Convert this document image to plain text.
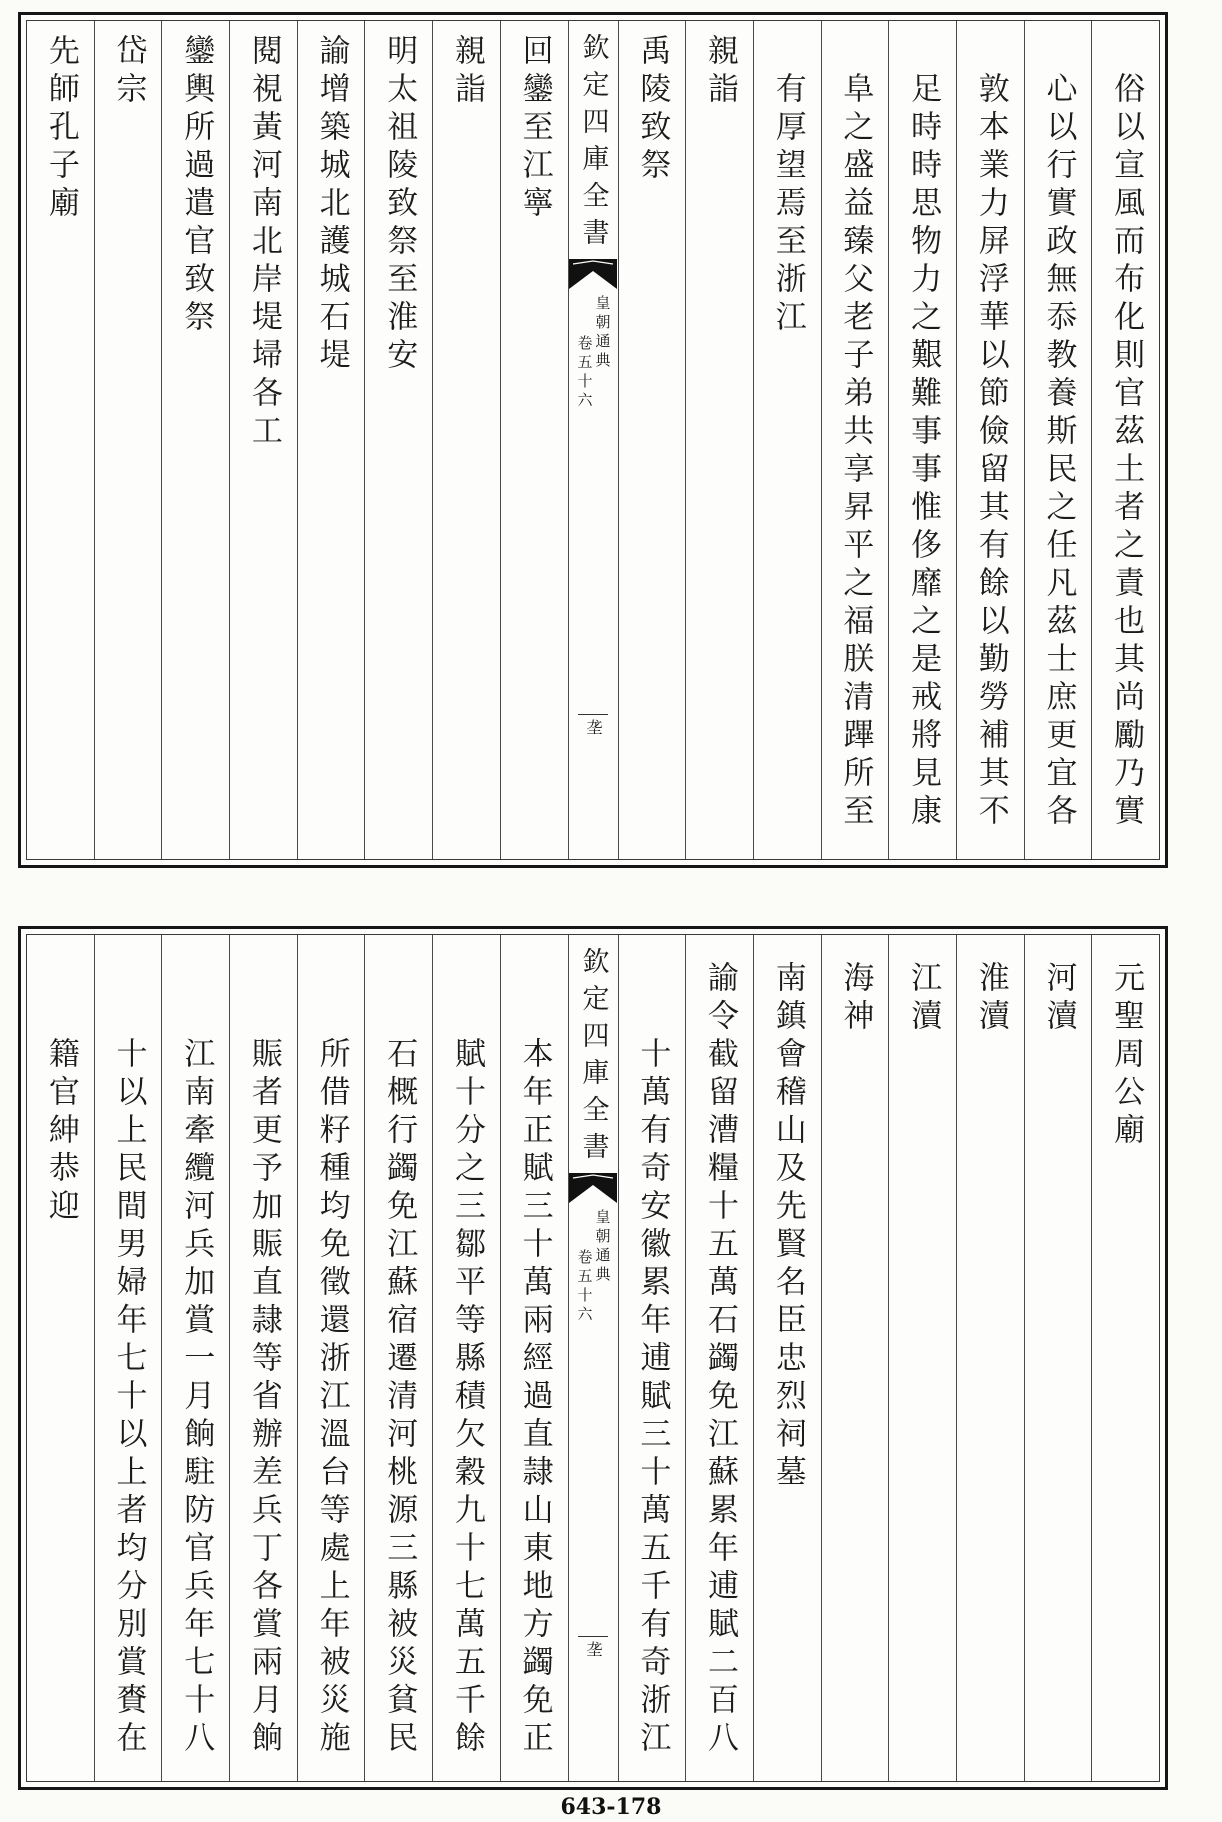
俗以宣風而布化則官茲土者之責也其尚勵乃實
心以行實政無忝教養斯民之任凡茲士庶更宜各
敦本業力屏浮華以節儉留其有餘以勤勞補其不
足時時思物力之艱難事事惟侈靡之是戒將見康
阜之盛益臻父老子弟共享昇平之福朕清蹕所至
有厚望焉至浙江
親詣
禹陵致祭
欽定四庫全書
皇朝通典
卷五十六
垄
回鑾至江寧
親詣
明太祖陵致祭至淮安
諭增築城北護城石堤
閱視黃河南北岸堤埽各工
鑾輿所過遣官致祭
岱宗
先師孔子廟
元聖周公廟
河瀆
淮瀆
江瀆
海神
南鎮會稽山及先賢名臣忠烈祠墓
諭令截留漕糧十五萬石蠲免江蘇累年逋賦二百八
十萬有奇安徽累年逋賦三十萬五千有奇浙江
欽定四庫全書
皇朝通典
卷五十六
垄
本年正賦三十萬兩經過直隷山東地方蠲免正
賦十分之三鄒平等縣積欠穀九十七萬五千餘
石概行蠲免江蘇宿遷清河桃源三縣被災貧民
所借籽種均免徵還浙江溫台等處上年被災施
賑者更予加賑直隷等省辦差兵丁各賞兩月餉
江南牽纜河兵加賞一月餉駐防官兵年七十八
十以上民間男婦年七十以上者均分別賞賚在
籍官紳恭迎
643-178
